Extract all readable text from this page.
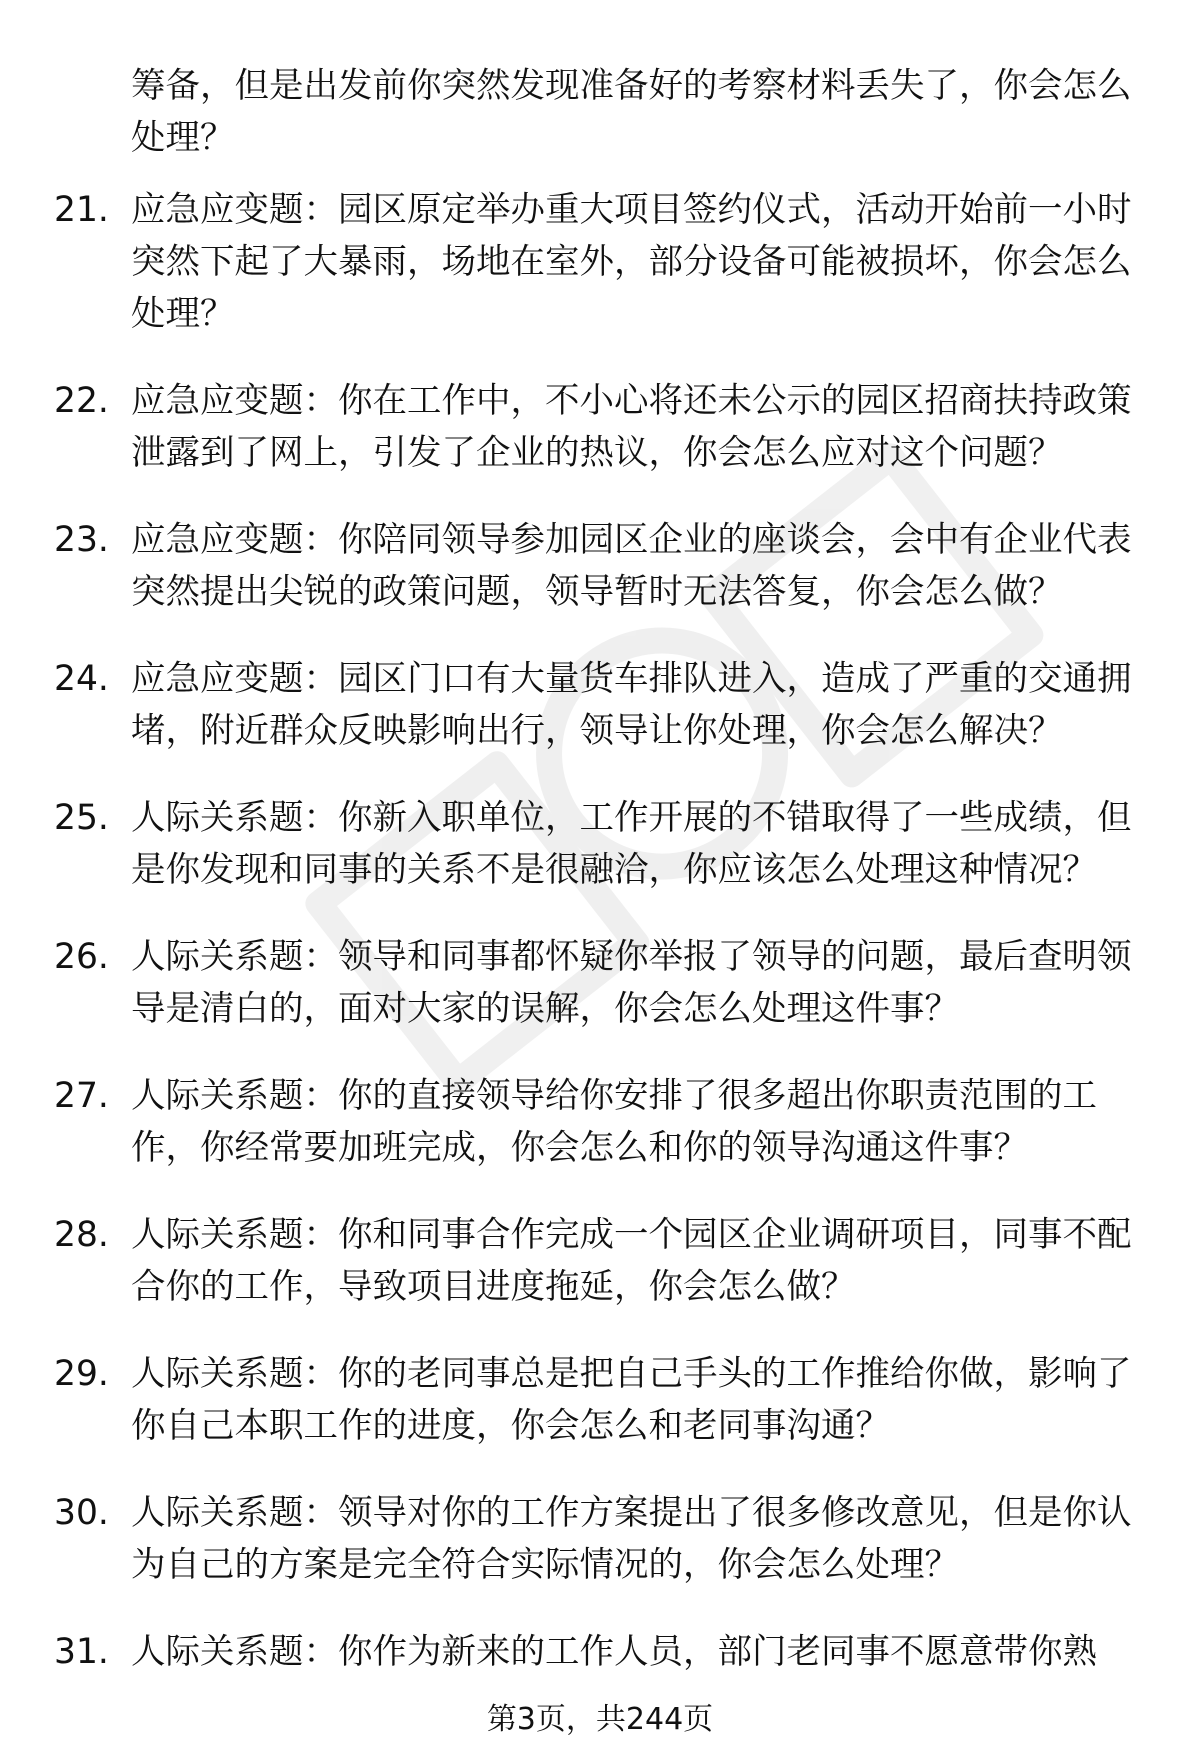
筹备，但是出发前你突然发现准备好的考察材料丢失了，你会怎么处理？

21. 应急应变题：园区原定举办重大项目签约仪式，活动开始前一小时突然下起了大暴雨，场地在室外，部分设备可能被损坏，你会怎么处理？
22. 应急应变题：你在工作中，不小心将还未公示的园区招商扶持政策泄露到了网上，引发了企业的热议，你会怎么应对这个问题？
23. 应急应变题：你陪同领导参加园区企业的座谈会，会中有企业代表突然提出尖锐的政策问题，领导暂时无法答复，你会怎么做？
24. 应急应变题：园区门口有大量货车排队进入，造成了严重的交通拥堵，附近群众反映影响出行，领导让你处理，你会怎么解决？
25. 人际关系题：你新入职单位，工作开展的不错取得了一些成绩，但是你发现和同事的关系不是很融洽，你应该怎么处理这种情况？
26. 人际关系题：领导和同事都怀疑你举报了领导的问题，最后查明领导是清白的，面对大家的误解，你会怎么处理这件事？
27. 人际关系题：你的直接领导给你安排了很多超出你职责范围的工作，你经常要加班完成，你会怎么和你的领导沟通这件事？
28. 人际关系题：你和同事合作完成一个园区企业调研项目，同事不配合你的工作，导致项目进度拖延，你会怎么做？
29. 人际关系题：你的老同事总是把自己手头的工作推给你做，影响了你自己本职工作的进度，你会怎么和老同事沟通？
30. 人际关系题：领导对你的工作方案提出了很多修改意见，但是你认为自己的方案是完全符合实际情况的，你会怎么处理？
31. 人际关系题：你作为新来的工作人员，部门老同事不愿意带你熟
第3页，共244页
